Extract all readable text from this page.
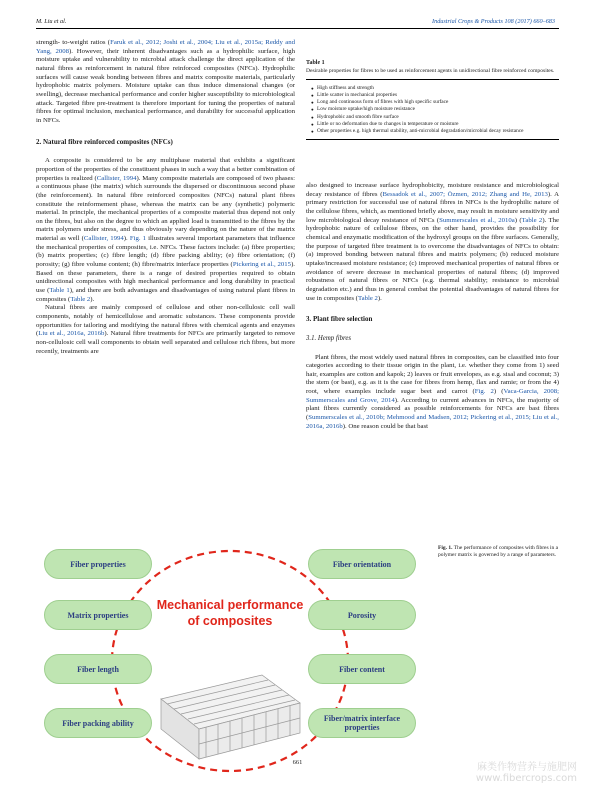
M. Liu et al.	Industrial Crops & Products 108 (2017) 660–683

strength- to-weight ratios (Faruk et al., 2012; Joshi et al., 2004; Liu et al., 2015a; Reddy and Yang, 2008). However, their inherent disadvantages such as a hydrophilic surface, high moisture uptake and vulnerability to microbial attack challenge the direct application of the natural fibres as reinforcement in natural fibre reinforced composites (NFCs). Hydrophilic surfaces will cause weak bonding between fibres and matrix composite materials, particularly hydrophobic matrix polymers. Moisture uptake can thus induce dimensional changes (or swelling), decrease mechanical performance and confer higher susceptibility to microbiological attack. Targeted fibre pre-treatment is therefore important for tuning the properties of natural fibres for optimal inclusion, mechanical performance, and durability for successful application in NFCs.

2. Natural fibre reinforced composites (NFCs)

A composite is considered to be any multiphase material that exhibits a significant proportion of the properties of the constituent phases in such a way that a better combination of properties is realized (Callister, 1994). Many composite materials are composed of two phases: a continuous phase (the matrix) which surrounds the dispersed or discontinuous second phase (the reinforcement). In natural fibre reinforced composites (NFCs) natural plant fibres constitute the reinformement phase, whereas the matrix can be any (synthetic) polymeric material. In principle, the mechanical properties of a composite material thus depend not only on the fibres, but also on the degree to which an applied load is transmitted to the fibres by the matrix polymers under stress, and thus obviously vary depending on the nature of the matrix material as well (Callister, 1994). Fig. 1 illustrates several important parameters that influence the mechanical properties of composites, i.e. NFCs. These factors include: (a) fibre properties; (b) matrix properties; (c) fibre length; (d) fibre packing ability; (e) fibre orientation; (f) porosity; (g) fibre volume content; (h) fibre/matrix interface properties (Pickering et al., 2015). Based on these parameters, there is a range of desired properties required to obtain unidirectional composites with high mechanical performance and long durability in practical use (Table 1), and there are both advantages and disadvantages of using natural plant fibres in composites (Table 2).

Natural fibres are mainly composed of cellulose and other non-cellulosic cell wall components, notably of hemicellulose and aromatic substances. These components provide opportunities for tailoring and modifying the natural fibres with chemical agents and enzymes (Liu et al., 2016a, 2016b). Natural fibre treatments for NFCs are primarily targeted to remove non-cellulosic cell wall components to obtain well separated and cellulose rich fibres, but more recently, treatments are

Table 1
Desirable properties for fibres to be used as reinforcement agents in unidirectional fibre reinforced composites.
● High stiffness and strength
● Little scatter in mechanical properties
● Long and continuous form of fibres with high specific surface
● Low moisture uptake/high moisture resistance
● Hydrophobic and smooth fibre surface
● Little or no deformation due to changes in temperature or moisture
● Other properties e.g. high thermal stability, anti-microbial degradation/microbial decay resistance

also designed to increase surface hydrophobicity, moisture resistance and microbiological decay resistance of fibres (Bessadok et al., 2007; Özmen, 2012; Zhang and He, 2013). A primary restriction for successful use of natural fibres in NFCs is the hydrophilic nature of the cellulose fibres, which, as mentioned briefly above, may result in moisture sensitivity and low microbiological decay resistance of NFCs (Summerscales et al., 2010a) (Table 2). The hydrophobic nature of cellulose fibres, on the other hand, provides the possibility for chemical and enzymatic modification of the hydroxyl groups on the fibre surfaces. Generally, the purpose of targeted fibre treatment is to overcome the disadvantages of NFCs to obtain: (a) improved bonding between natural fibres and matrix polymers; (b) reduced moisture uptake/increased moisture resistance; (c) improved mechanical properties of natural fibres or avoidance of severe decrease in mechanical properties of natural fibres; (d) improved robustness of natural fibres or NFCs (e.g. thermal stability; resistance to microbial degradation etc.) and thus in general combat the potential disadvantages of natural fibres for use in composites (Table 2).

3. Plant fibre selection
3.1. Hemp fibres

Plant fibres, the most widely used natural fibres in composites, can be classified into four categories according to their tissue origin in the plant, i.e. whether they come from 1) seed hair, examples are cotton and kapok; 2) leaves or fruit envelopes, as e.g. sisal and coconut; 3) the stem (or bast), e.g. as it is the case for fibres from hemp, flax and ramie; or from the 4) root, where examples include sugar beet and carrot (Fig. 2) (Vaca-Garcia, 2008; Summerscales and Grove, 2014). According to current advances in NFCs, the majority of plant fibres currently considered as possible reinforcements for NFCs are bast fibres (Summerscales et al., 2010b; Mehmood and Madsen, 2012; Pickering et al., 2015; Liu et al., 2016a, 2016b). One reason could be that bast

Mechanical performance
of composites
Fiber properties
Matrix properties
Fiber length
Fiber packing ability
Fiber orientation
Porosity
Fiber content
Fiber/matrix interface properties
Fig. 1. The performance of composites with fibres in a polymer matrix is governed by a range of parameters.
661	麻类作物营养与施肥网
www.fibercrops.com
